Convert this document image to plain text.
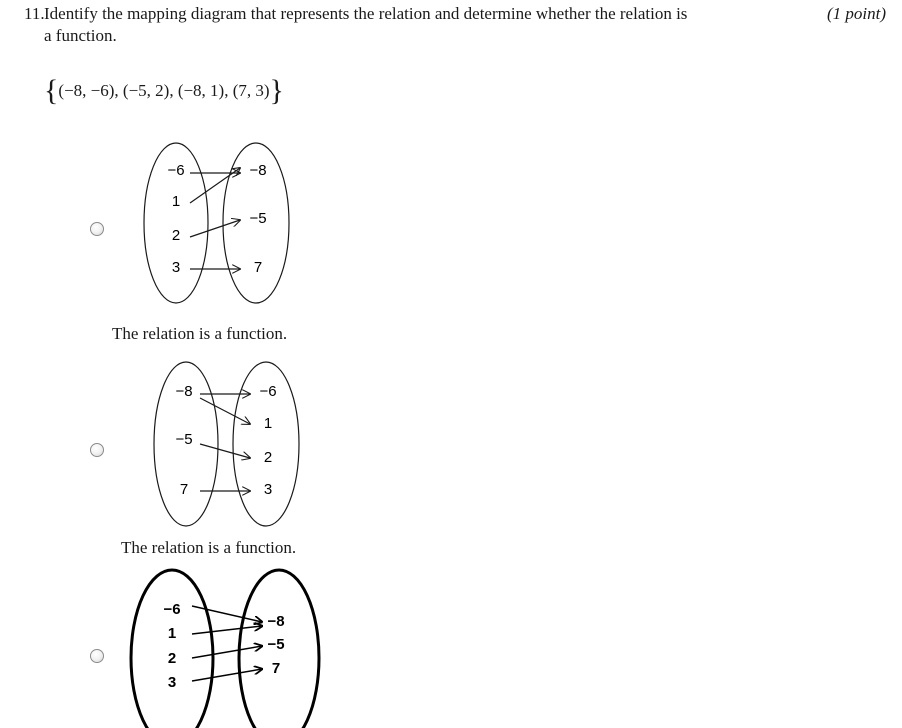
11. Identify the mapping diagram that represents the relation and determine whether the relation is
a function.
(1 point)
{(−8, −6), (−5, 2), (−8, 1), (7, 3)}
−6
1
2
3
−8
−5
7
The relation is a function.
−8
−5
7
−6
1
2
3
The relation is a function.
−6
1
2
3
−8
−5
7
